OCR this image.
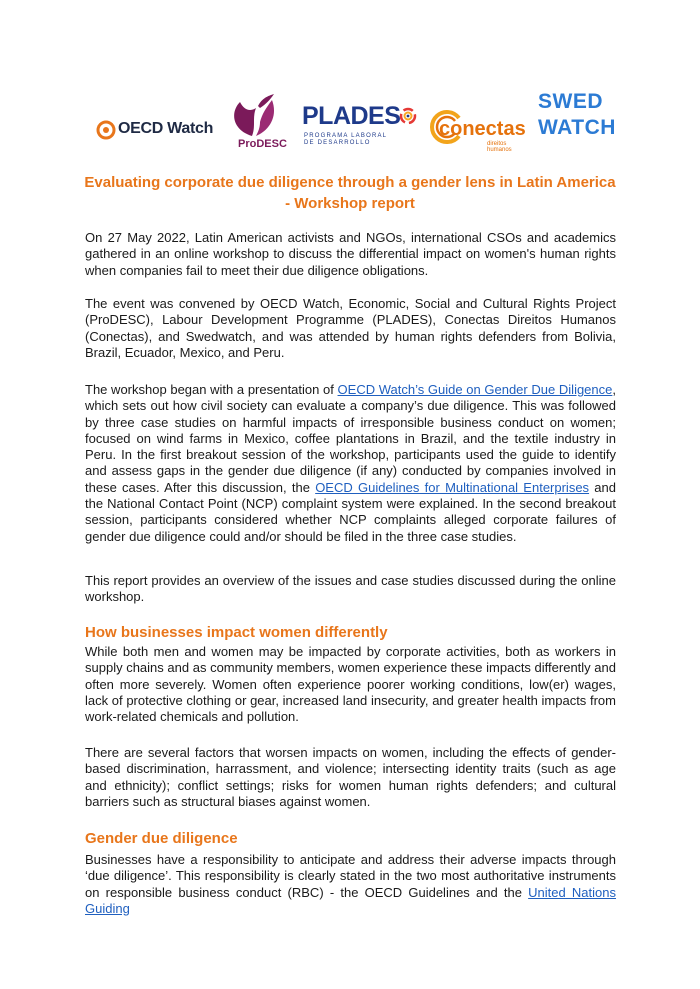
OECD Watch
ProDESC
PLADES
PROGRAMA LABORAL
DE DESARROLLO
conectas
direitos
humanos
SWED
WATCH
Evaluating corporate due diligence through a gender lens in Latin America - Workshop report

On 27 May 2022, Latin American activists and NGOs, international CSOs and academics gathered in an online workshop to discuss the differential impact on women's human rights when companies fail to meet their due diligence obligations.

The event was convened by OECD Watch, Economic, Social and Cultural Rights Project (ProDESC), Labour Development Programme (PLADES), Conectas Direitos Humanos (Conectas), and Swedwatch, and was attended by human rights defenders from Bolivia, Brazil, Ecuador, Mexico, and Peru.

The workshop began with a presentation of OECD Watch’s Guide on Gender Due Diligence, which sets out how civil society can evaluate a company’s due diligence. This was followed by three case studies on harmful impacts of irresponsible business conduct on women; focused on wind farms in Mexico, coffee plantations in Brazil, and the textile industry in Peru. In the first breakout session of the workshop, participants used the guide to identify and assess gaps in the gender due diligence (if any) conducted by companies involved in these cases. After this discussion, the OECD Guidelines for Multinational Enterprises and the National Contact Point (NCP) complaint system were explained. In the second breakout session, participants considered whether NCP complaints alleged corporate failures of gender due diligence could and/or should be filed in the three case studies.

This report provides an overview of the issues and case studies discussed during the online workshop.

How businesses impact women differently

While both men and women may be impacted by corporate activities, both as workers in supply chains and as community members, women experience these impacts differently and often more severely. Women often experience poorer working conditions, low(er) wages, lack of protective clothing or gear, increased land insecurity, and greater health impacts from work-related chemicals and pollution.

There are several factors that worsen impacts on women, including the effects of gender-based discrimination, harrassment, and violence; intersecting identity traits (such as age and ethnicity); conflict settings; risks for women human rights defenders; and cultural barriers such as structural biases against women.

Gender due diligence

Businesses have a responsibility to anticipate and address their adverse impacts through ‘due diligence’. This responsibility is clearly stated in the two most authoritative instruments on responsible business conduct (RBC) - the OECD Guidelines and the United Nations Guiding
